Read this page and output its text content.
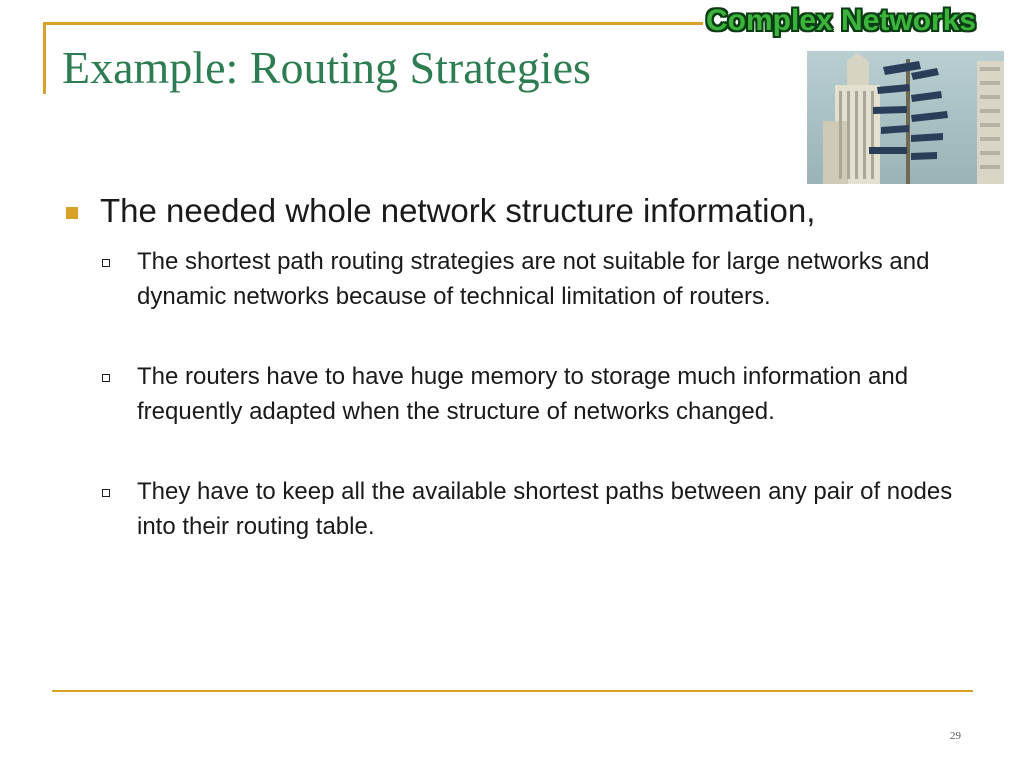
Example: Routing Strategies
Complex Networks
The needed whole network structure information,
The shortest path routing strategies are not suitable for large networks and dynamic networks because of technical limitation of routers.
The routers have to have huge memory to storage much information and frequently adapted when the structure of networks changed.
They have to keep all the available shortest paths between any pair of nodes into their routing table.
29
